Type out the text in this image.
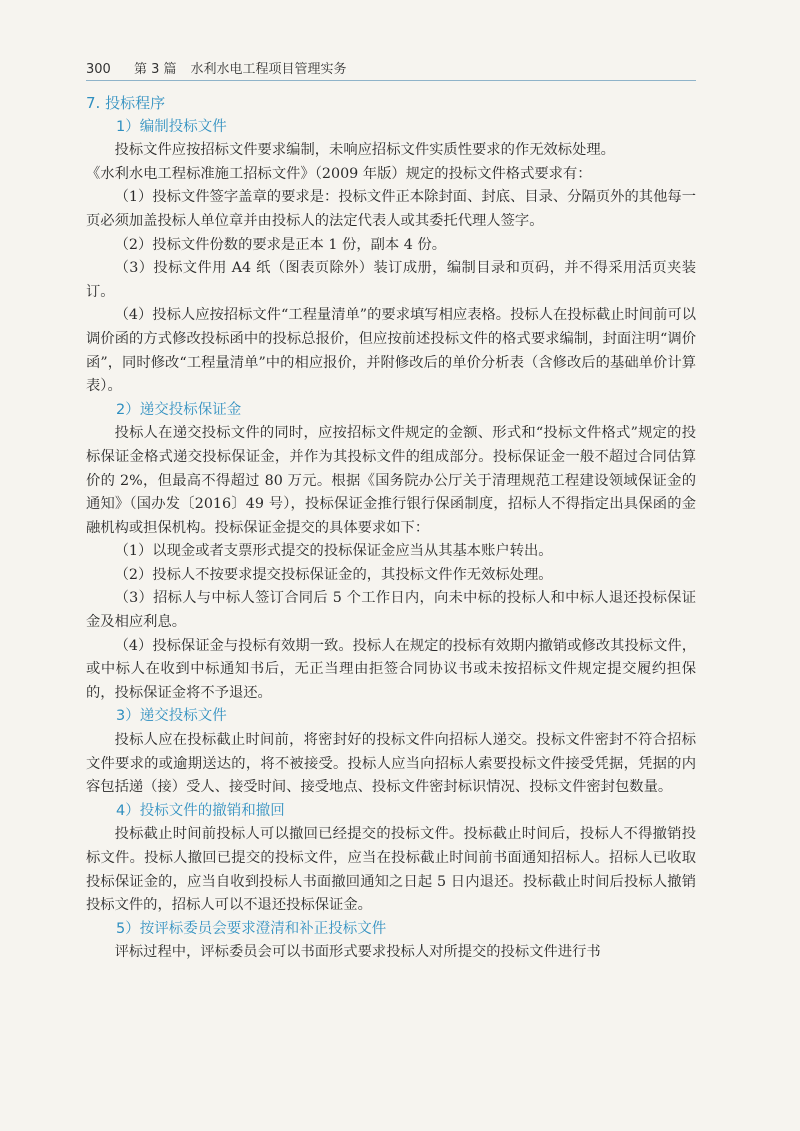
300 第 3 篇 水利水电工程项目管理实务
7. 投标程序
1）编制投标文件

投标文件应按招标文件要求编制，未响应招标文件实质性要求的作无效标处理。

《水利水电工程标准施工招标文件》（2009 年版）规定的投标文件格式要求有：

（1）投标文件签字盖章的要求是：投标文件正本除封面、封底、目录、分隔页外的其他每一页必须加盖投标人单位章并由投标人的法定代表人或其委托代理人签字。

（2）投标文件份数的要求是正本 1 份，副本 4 份。

（3）投标文件用 A4 纸（图表页除外）装订成册，编制目录和页码，并不得采用活页夹装订。

（4）投标人应按招标文件“工程量清单”的要求填写相应表格。投标人在投标截止时间前可以调价函的方式修改投标函中的投标总报价，但应按前述投标文件的格式要求编制，封面注明“调价函”，同时修改“工程量清单”中的相应报价，并附修改后的单价分析表（含修改后的基础单价计算表）。

2）递交投标保证金

投标人在递交投标文件的同时，应按招标文件规定的金额、形式和“投标文件格式”规定的投标保证金格式递交投标保证金，并作为其投标文件的组成部分。投标保证金一般不超过合同估算价的 2%，但最高不得超过 80 万元。根据《国务院办公厅关于清理规范工程建设领域保证金的通知》（国办发〔2016〕49 号），投标保证金推行银行保函制度，招标人不得指定出具保函的金融机构或担保机构。投标保证金提交的具体要求如下：

（1）以现金或者支票形式提交的投标保证金应当从其基本账户转出。

（2）投标人不按要求提交投标保证金的，其投标文件作无效标处理。

（3）招标人与中标人签订合同后 5 个工作日内，向未中标的投标人和中标人退还投标保证金及相应利息。

（4）投标保证金与投标有效期一致。投标人在规定的投标有效期内撤销或修改其投标文件，或中标人在收到中标通知书后，无正当理由拒签合同协议书或未按招标文件规定提交履约担保的，投标保证金将不予退还。

3）递交投标文件

投标人应在投标截止时间前，将密封好的投标文件向招标人递交。投标文件密封不符合招标文件要求的或逾期送达的，将不被接受。投标人应当向招标人索要投标文件接受凭据，凭据的内容包括递（接）受人、接受时间、接受地点、投标文件密封标识情况、投标文件密封包数量。

4）投标文件的撤销和撤回

投标截止时间前投标人可以撤回已经提交的投标文件。投标截止时间后，投标人不得撤销投标文件。投标人撤回已提交的投标文件，应当在投标截止时间前书面通知招标人。招标人已收取投标保证金的，应当自收到投标人书面撤回通知之日起 5 日内退还。投标截止时间后投标人撤销投标文件的，招标人可以不退还投标保证金。

5）按评标委员会要求澄清和补正投标文件

评标过程中，评标委员会可以书面形式要求投标人对所提交的投标文件进行书
